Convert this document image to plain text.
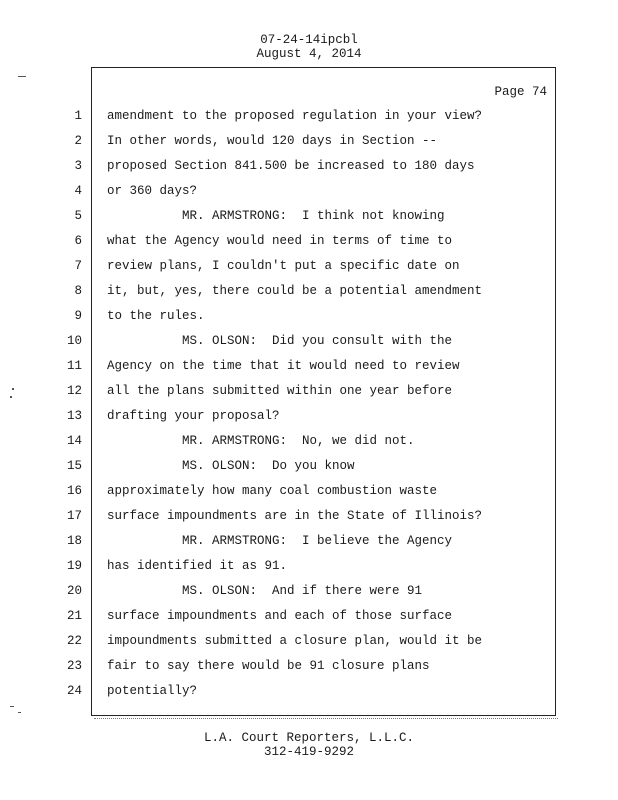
07-24-14ipcbl
August 4, 2014
Page 74
1 amendment to the proposed regulation in your view?
2 In other words, would 120 days in Section --
3 proposed Section 841.500 be increased to 180 days
4 or 360 days?
5 MR. ARMSTRONG:  I think not knowing
6 what the Agency would need in terms of time to
7 review plans, I couldn't put a specific date on
8 it, but, yes, there could be a potential amendment
9 to the rules.
10 MS. OLSON:  Did you consult with the
11 Agency on the time that it would need to review
12 all the plans submitted within one year before
13 drafting your proposal?
14 MR. ARMSTRONG:  No, we did not.
15 MS. OLSON:  Do you know
16 approximately how many coal combustion waste
17 surface impoundments are in the State of Illinois?
18 MR. ARMSTRONG:  I believe the Agency
19 has identified it as 91.
20 MS. OLSON:  And if there were 91
21 surface impoundments and each of those surface
22 impoundments submitted a closure plan, would it be
23 fair to say there would be 91 closure plans
24 potentially?
L.A. Court Reporters, L.L.C.
312-419-9292
